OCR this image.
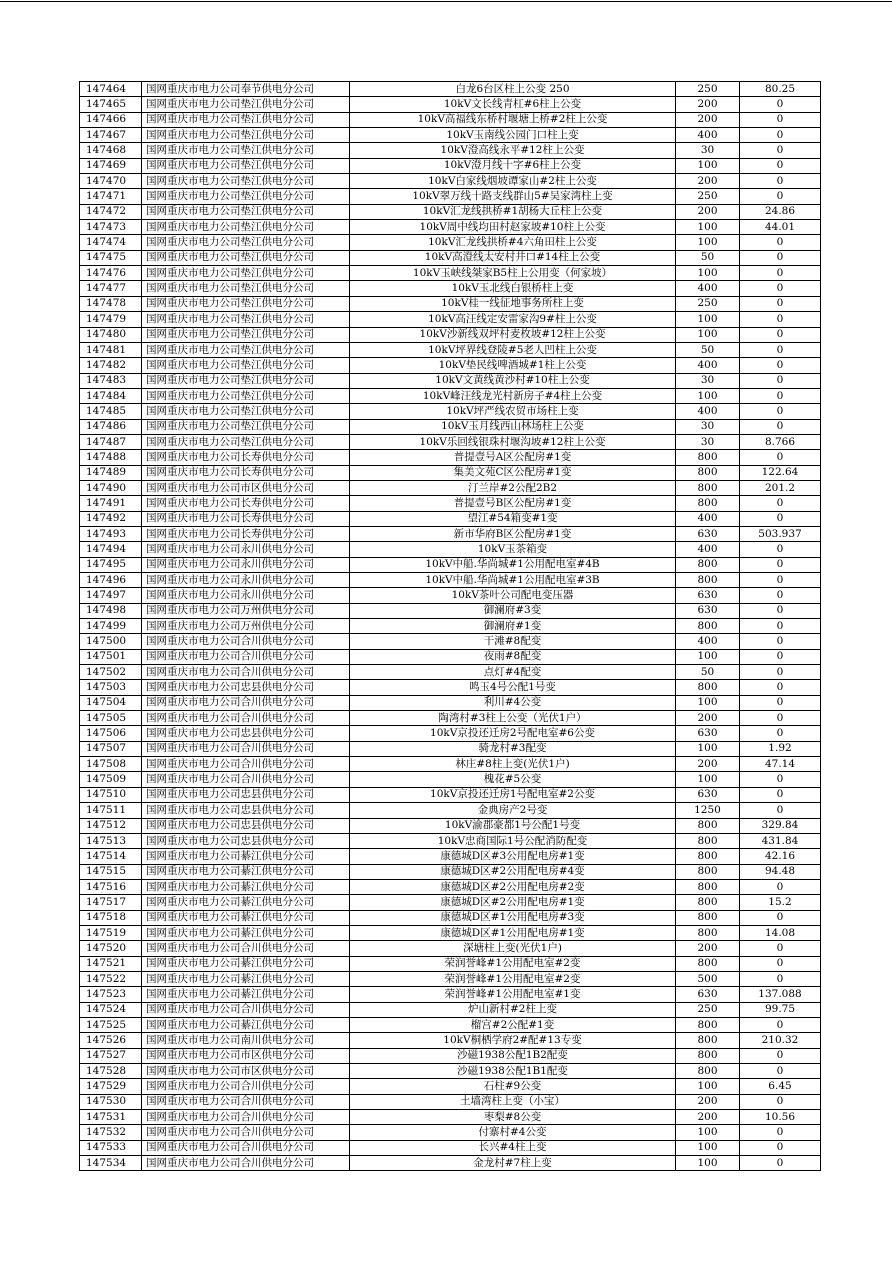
147464	国网重庆市电力公司奉节供电分公司	白龙6台区柱上公变 250	250	80.25
147465	国网重庆市电力公司垫江供电分公司	10kV文长线青杠#6柱上公变	200	0
147466	国网重庆市电力公司垫江供电分公司	10kV高福线东桥村堰塘上桥#2柱上公变	200	0
147467	国网重庆市电力公司垫江供电分公司	10kV玉南线公园门口柱上变	400	0
147468	国网重庆市电力公司垫江供电分公司	10kV澄高线永平#12柱上公变	30	0
147469	国网重庆市电力公司垫江供电分公司	10kV澄月线十字#6柱上公变	100	0
147470	国网重庆市电力公司垫江供电分公司	10kV白家线烟坡谭家山#2柱上公变	200	0
147471	国网重庆市电力公司垫江供电分公司	10kV翠万线十路支线群山5#吴家湾柱上变	250	0
147472	国网重庆市电力公司垫江供电分公司	10kV汇龙线拱桥#1胡杨大丘柱上公变	200	24.86
147473	国网重庆市电力公司垫江供电分公司	10kV周中线均田村赵家坡#10柱上公变	100	44.01
147474	国网重庆市电力公司垫江供电分公司	10kV汇龙线拱桥#4六角田柱上公变	100	0
147475	国网重庆市电力公司垫江供电分公司	10kV高澄线太安村井口#14柱上公变	50	0
147476	国网重庆市电力公司垫江供电分公司	10kV玉峡线桀家B5柱上公用变（何家坡）	100	0
147477	国网重庆市电力公司垫江供电分公司	10kV玉北线白银桥柱上变	400	0
147478	国网重庆市电力公司垫江供电分公司	10kV桂一线征地事务所柱上变	250	0
147479	国网重庆市电力公司垫江供电分公司	10kV高汪线定安雷家沟9#柱上公变	100	0
147480	国网重庆市电力公司垫江供电分公司	10kV沙新线双坪村麦枚坡#12柱上公变	100	0
147481	国网重庆市电力公司垫江供电分公司	10kV坪界线登陵#5老人凹柱上公变	50	0
147482	国网重庆市电力公司垫江供电分公司	10kV垫民线啤酒城#1柱上公变	400	0
147483	国网重庆市电力公司垫江供电分公司	10kV文黄线黄沙村#10柱上公变	30	0
147484	国网重庆市电力公司垫江供电分公司	10kV峰汪线龙光村新房子#4柱上公变	100	0
147485	国网重庆市电力公司垫江供电分公司	10kV坪严线农贸市场柱上变	400	0
147486	国网重庆市电力公司垫江供电分公司	10kV玉月线西山林场柱上公变	30	0
147487	国网重庆市电力公司垫江供电分公司	10kV乐回线银珠村堰沟坡#12柱上公变	30	8.766
147488	国网重庆市电力公司长寿供电分公司	普提壹号A区公配房#1变	800	0
147489	国网重庆市电力公司长寿供电分公司	集美文苑C区公配房#1变	800	122.64
147490	国网重庆市电力公司市区供电分公司	汀兰岸#2公配2B2	800	201.2
147491	国网重庆市电力公司长寿供电分公司	普提壹号B区公配房#1变	800	0
147492	国网重庆市电力公司长寿供电分公司	望江#54箱变#1变	400	0
147493	国网重庆市电力公司长寿供电分公司	新市华府B区公配房#1变	630	503.937
147494	国网重庆市电力公司永川供电分公司	10kV玉茶箱变	400	0
147495	国网重庆市电力公司永川供电分公司	10kV中船.华尚城#1公用配电室#4B	800	0
147496	国网重庆市电力公司永川供电分公司	10kV中船.华尚城#1公用配电室#3B	800	0
147497	国网重庆市电力公司永川供电分公司	10kV茶叶公司配电变压器	630	0
147498	国网重庆市电力公司万州供电分公司	御澜府#3变	630	0
147499	国网重庆市电力公司万州供电分公司	御澜府#1变	800	0
147500	国网重庆市电力公司合川供电分公司	干滩#8配变	400	0
147501	国网重庆市电力公司合川供电分公司	夜雨#8配变	100	0
147502	国网重庆市电力公司合川供电分公司	点灯#4配变	50	0
147503	国网重庆市电力公司忠县供电分公司	鸣玉4号公配1号变	800	0
147504	国网重庆市电力公司合川供电分公司	利川#4公变	100	0
147505	国网重庆市电力公司合川供电分公司	陶湾村#3柱上公变（光伏1户）	200	0
147506	国网重庆市电力公司忠县供电分公司	10kV京投还迁房2号配电室#6公变	630	0
147507	国网重庆市电力公司合川供电分公司	骑龙村#3配变	100	1.92
147508	国网重庆市电力公司合川供电分公司	林庄#8柱上变(光伏1户)	200	47.14
147509	国网重庆市电力公司合川供电分公司	槐花#5公变	100	0
147510	国网重庆市电力公司忠县供电分公司	10kV京投还迁房1号配电室#2公变	630	0
147511	国网重庆市电力公司忠县供电分公司	金典房产2号变	1250	0
147512	国网重庆市电力公司忠县供电分公司	10kV渝郡豪都1号公配1号变	800	329.84
147513	国网重庆市电力公司忠县供电分公司	10kV忠商国际1号公配消防配变	800	431.84
147514	国网重庆市电力公司綦江供电分公司	康德城D区#3公用配电房#1变	800	42.16
147515	国网重庆市电力公司綦江供电分公司	康德城D区#2公用配电房#4变	800	94.48
147516	国网重庆市电力公司綦江供电分公司	康德城D区#2公用配电房#2变	800	0
147517	国网重庆市电力公司綦江供电分公司	康德城D区#2公用配电房#1变	800	15.2
147518	国网重庆市电力公司綦江供电分公司	康德城D区#1公用配电房#3变	800	0
147519	国网重庆市电力公司綦江供电分公司	康德城D区#1公用配电房#1变	800	14.08
147520	国网重庆市电力公司合川供电分公司	深塘柱上变(光伏1户)	200	0
147521	国网重庆市电力公司綦江供电分公司	荣润誉峰#1公用配电室#2变	800	0
147522	国网重庆市电力公司綦江供电分公司	荣润誉峰#1公用配电室#2变	500	0
147523	国网重庆市电力公司綦江供电分公司	荣润誉峰#1公用配电室#1变	630	137.088
147524	国网重庆市电力公司合川供电分公司	炉山新村#2柱上变	250	99.75
147525	国网重庆市电力公司綦江供电分公司	榴宫#2公配#1变	800	0
147526	国网重庆市电力公司南川供电分公司	10kV桐栖学府2#配#13专变	800	210.32
147527	国网重庆市电力公司市区供电分公司	沙磁1938公配1B2配变	800	0
147528	国网重庆市电力公司市区供电分公司	沙磁1938公配1B1配变	800	0
147529	国网重庆市电力公司合川供电分公司	石柱#9公变	100	6.45
147530	国网重庆市电力公司合川供电分公司	土墙湾柱上变（小宝）	200	0
147531	国网重庆市电力公司合川供电分公司	枣梨#8公变	200	10.56
147532	国网重庆市电力公司合川供电分公司	付寨村#4公变	100	0
147533	国网重庆市电力公司合川供电分公司	长兴#4柱上变	100	0
147534	国网重庆市电力公司合川供电分公司	金龙村#7柱上变	100	0
